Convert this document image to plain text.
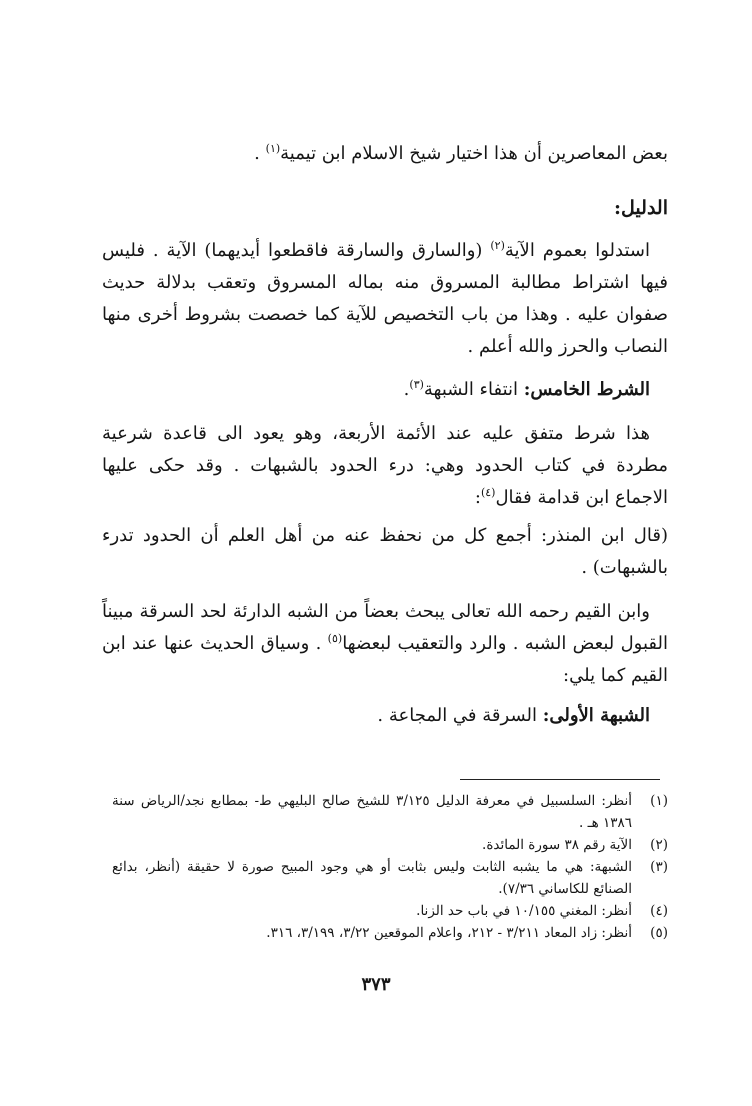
بعض المعاصرين أن هذا اختيار شيخ الاسلام ابن تيمية$^{(١)}$ .

الدليل:

استدلوا بعموم الآية$^{(٢)}$ (والسارق والسارقة فاقطعوا أيديهما) الآية . فليس فيها اشتراط مطالبة المسروق منه بماله المسروق وتعقب بدلالة حديث صفوان عليه . وهذا من باب التخصيص للآية كما خصصت بشروط أخرى منها النصاب والحرز والله أعلم .

الشرط الخامس: انتفاء الشبهة$^{(٣)}$.

هذا شرط متفق عليه عند الأئمة الأربعة، وهو يعود الى قاعدة شرعية مطردة في كتاب الحدود وهي: درء الحدود بالشبهات . وقد حكى عليها الاجماع ابن قدامة فقال$^{(٤)}$:

(قال ابن المنذر: أجمع كل من نحفظ عنه من أهل العلم أن الحدود تدرء بالشبهات) .

وابن القيم رحمه الله تعالى يبحث بعضاً من الشبه الدارئة لحد السرقة مبيناً القبول لبعض الشبه . والرد والتعقيب لبعضها$^{(٥)}$ . وسياق الحديث عنها عند ابن القيم كما يلي:

الشبهة الأولى: السرقة في المجاعة .

(١)
أنظر: السلسبيل في معرفة الدليل ٣/١٢٥ للشيخ صالح البليهي ط- بمطابع نجد/الرياض سنة ١٣٨٦ هـ .
(٢)
الآية رقم ٣٨ سورة المائدة.
(٣)
الشبهة: هي ما يشبه الثابت وليس بثابت أو هي وجود المبيح صورة لا حقيقة (أنظر، بدائع الصنائع للكاساني ٧/٣٦).
(٤)
أنظر: المغني ١٠/١٥٥ في باب حد الزنا.
(٥)
أنظر: زاد المعاد ٣/٢١١ - ٢١٢، واعلام الموقعين ٣/٢٢، ٣/١٩٩، ٣١٦.
٣٧٣
